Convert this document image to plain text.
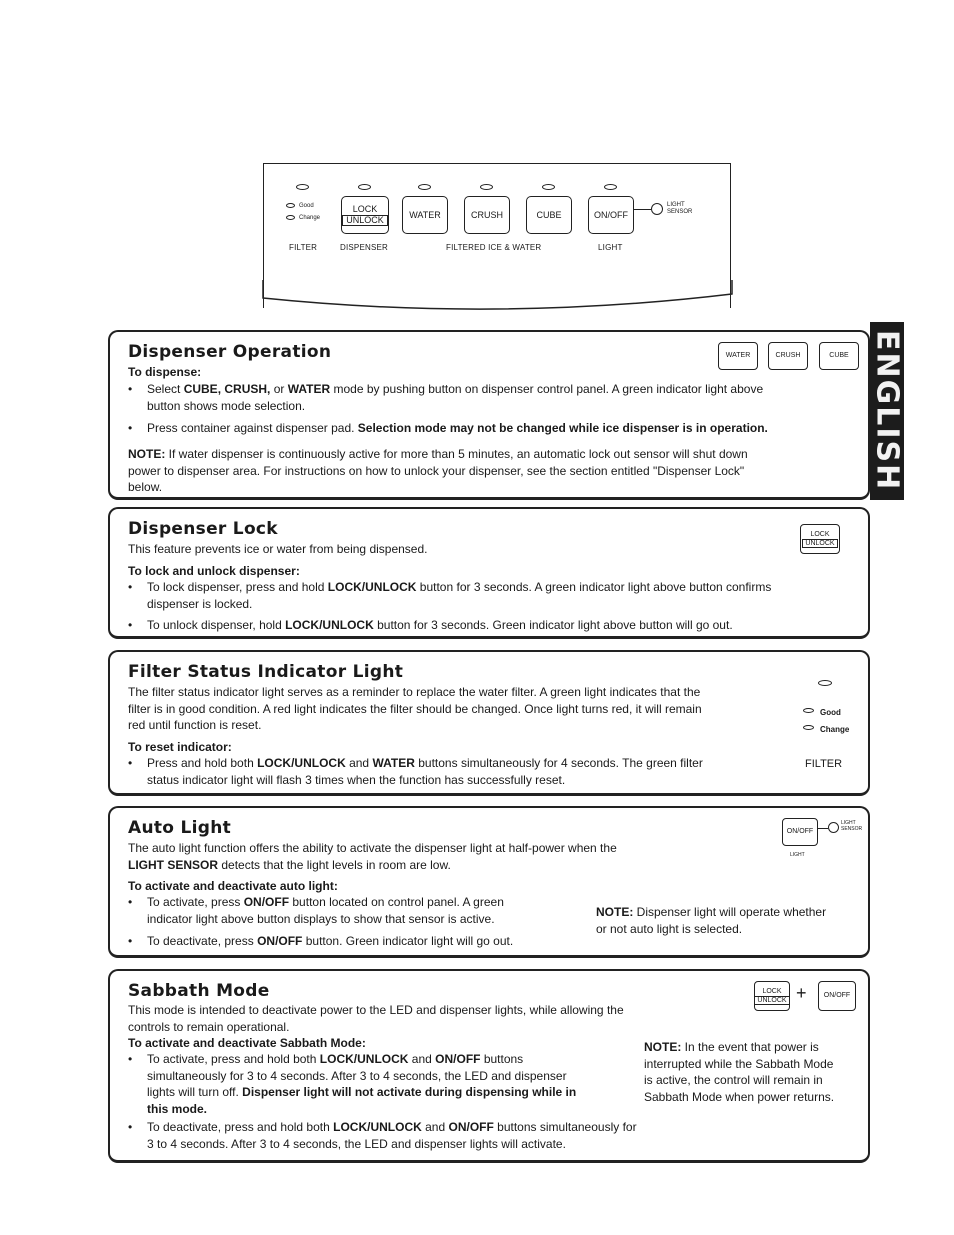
Good
Change
LOCK
UNLOCK	WATER	CRUSH	CUBE	ON/OFF
LIGHT
SENSOR
FILTER	DISPENSER	FILTERED ICE & WATER	LIGHT
ENGLISH
Dispenser Operation	WATER	CRUSH	CUBE
To dispense:
• Select CUBE, CRUSH, or WATER mode by pushing button on dispenser control panel. A green indicator light above
button shows mode selection.
• Press container against dispenser pad. Selection mode may not be changed while ice dispenser is in operation.
NOTE: If water dispenser is continuously active for more than 5 minutes, an automatic lock out sensor will shut down
power to dispenser area. For instructions on how to unlock your dispenser, see the section entitled "Dispenser Lock"
below.
Dispenser Lock	LOCK
UNLOCK
This feature prevents ice or water from being dispensed.
To lock and unlock dispenser:
• To lock dispenser, press and hold LOCK/UNLOCK button for 3 seconds. A green indicator light above button confirms
dispenser is locked.
• To unlock dispenser, hold LOCK/UNLOCK button for 3 seconds. Green indicator light above button will go out.
Filter Status Indicator Light
The filter status indicator light serves as a reminder to replace the water filter. A green light indicates that the
filter is in good condition. A red light indicates the filter should be changed. Once light turns red, it will remain
red until function is reset.
To reset indicator:
• Press and hold both LOCK/UNLOCK and WATER buttons simultaneously for 4 seconds. The green filter
status indicator light will flash 3 times when the function has successfully reset.
Good
Change
FILTER
Auto Light	ON/OFF
LIGHT
SENSOR
LIGHT
The auto light function offers the ability to activate the dispenser light at half-power when the
LIGHT SENSOR detects that the light levels in room are low.
To activate and deactivate auto light:
• To activate, press ON/OFF button located on control panel. A green
indicator light above button displays to show that sensor is active.
• To deactivate, press ON/OFF button. Green indicator light will go out.
NOTE: Dispenser light will operate whether
or not auto light is selected.
Sabbath Mode	LOCK
UNLOCK + ON/OFF
This mode is intended to deactivate power to the LED and dispenser lights, while allowing the
controls to remain operational.
To activate and deactivate Sabbath Mode:
• To activate, press and hold both LOCK/UNLOCK and ON/OFF buttons
simultaneously for 3 to 4 seconds. After 3 to 4 seconds, the LED and dispenser
lights will turn off. Dispenser light will not activate during dispensing while in
this mode.
• To deactivate, press and hold both LOCK/UNLOCK and ON/OFF buttons simultaneously for
3 to 4 seconds. After 3 to 4 seconds, the LED and dispenser lights will activate.
NOTE: In the event that power is
interrupted while the Sabbath Mode
is active, the control will remain in
Sabbath Mode when power returns.
